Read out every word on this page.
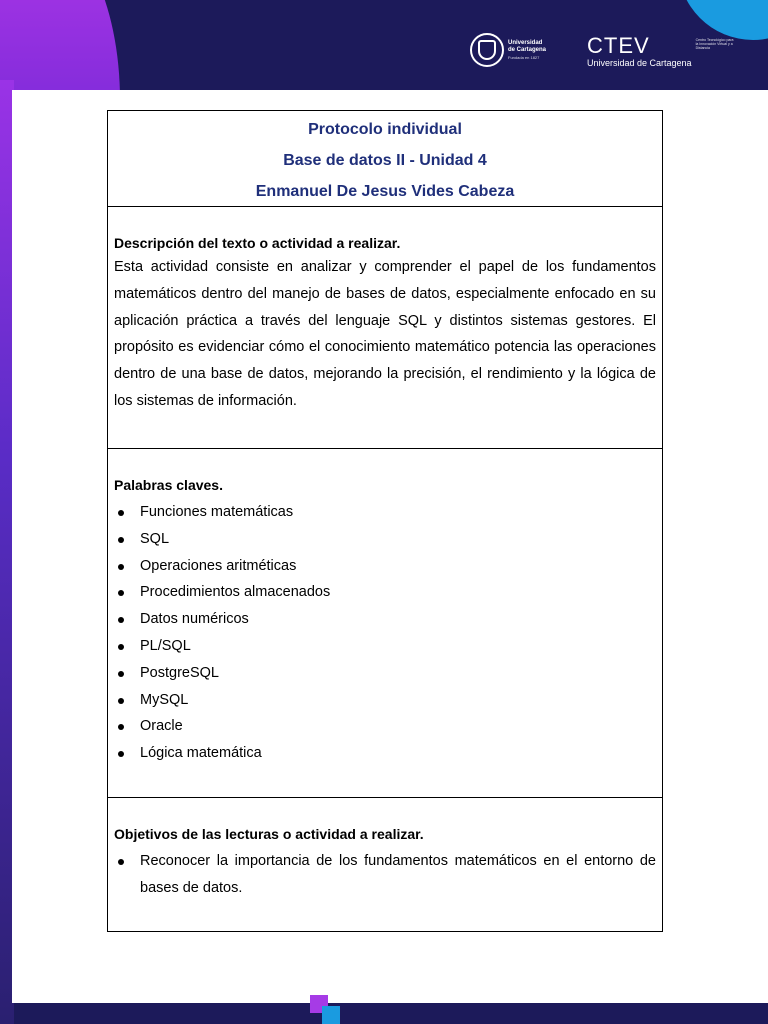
Universidad
de Cartagena
Fundada en 1827	CTEV
Universidad de Cartagena
Centro Tecnológico para la Innovación Virtual y a Distancia
Protocolo individual
Base de datos II - Unidad 4
Enmanuel De Jesus Vides Cabeza
Descripción del texto o actividad a realizar.
Esta actividad consiste en analizar y comprender el papel de los fundamentos matemáticos dentro del manejo de bases de datos, especialmente enfocado en su aplicación práctica a través del lenguaje SQL y distintos sistemas gestores. El propósito es evidenciar cómo el conocimiento matemático potencia las operaciones dentro de una base de datos, mejorando la precisión, el rendimiento y la lógica de los sistemas de información.
Palabras claves.
Funciones matemáticas
SQL
Operaciones aritméticas
Procedimientos almacenados
Datos numéricos
PL/SQL
PostgreSQL
MySQL
Oracle
Lógica matemática
Objetivos de las lecturas o actividad a realizar.
Reconocer la importancia de los fundamentos matemáticos en el entorno de bases de datos.
